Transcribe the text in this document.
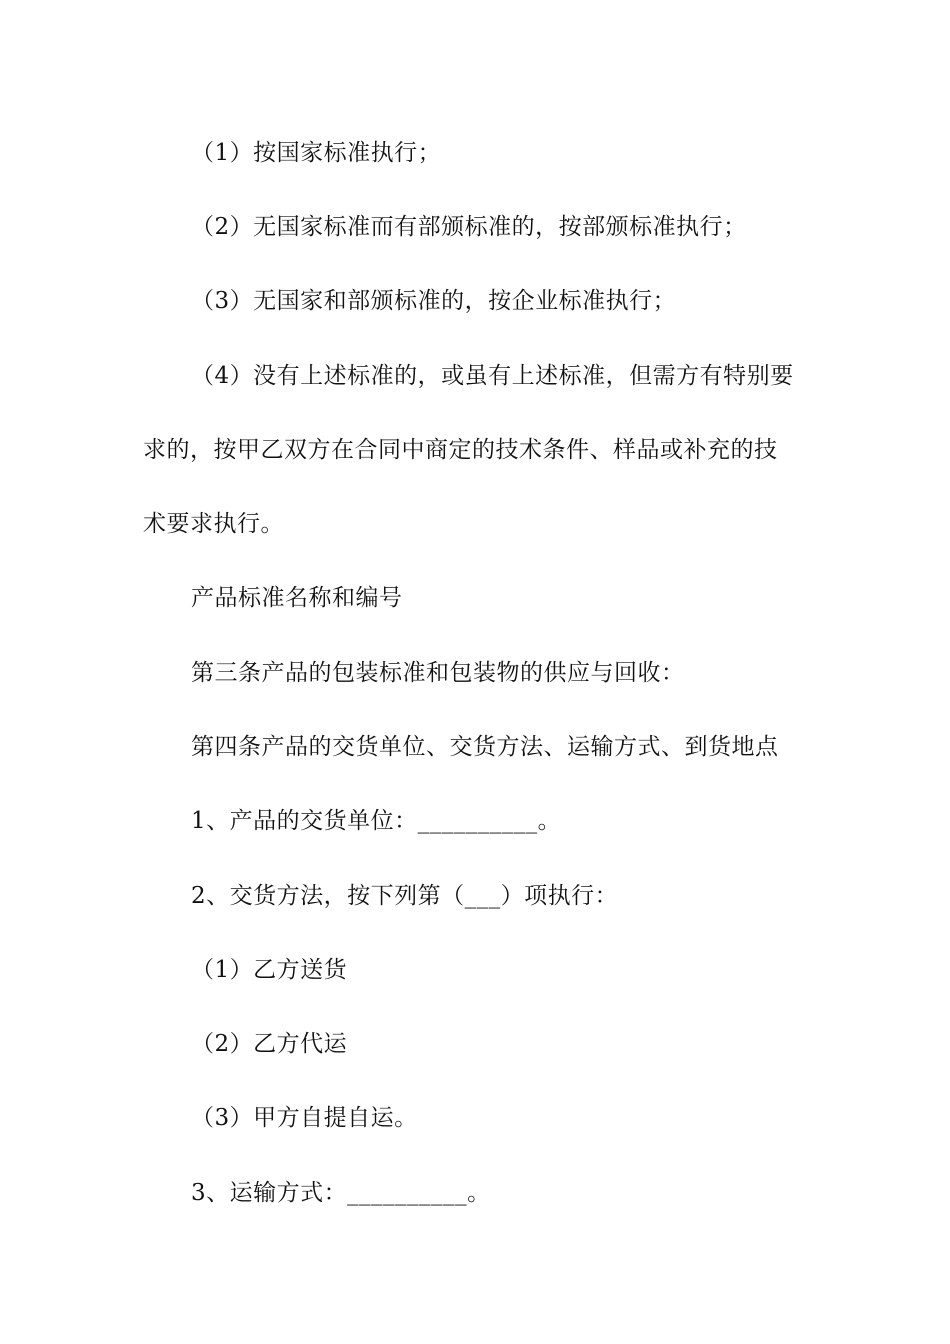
（1）按国家标准执行；
（2）无国家标准而有部颁标准的，按部颁标准执行；
（3）无国家和部颁标准的，按企业标准执行；
（4）没有上述标准的，或虽有上述标准，但需方有特别要
求的，按甲乙双方在合同中商定的技术条件、样品或补充的技
术要求执行。
产品标准名称和编号
第三条产品的包装标准和包装物的供应与回收：
第四条产品的交货单位、交货方法、运输方式、到货地点
1、产品的交货单位：__________。
2、交货方法，按下列第（___）项执行：
（1）乙方送货
（2）乙方代运
（3）甲方自提自运。
3、运输方式：__________。
